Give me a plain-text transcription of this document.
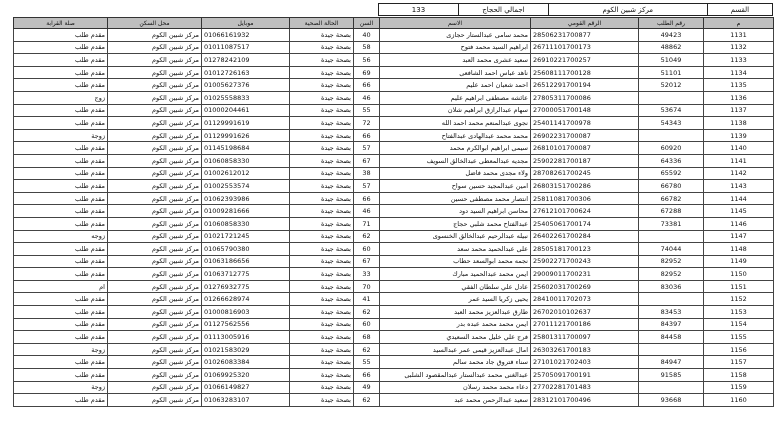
133	اجمالي الحجاج	مركز شبين الكوم	القسم
صلة القرابة	محل السكن	موبايل	الحالة الصحية	السن	الاسم	الرقم القومي	رقم الطلب	م
مقدم طلب	مركز شبين الكوم	01066161932	بصحة جيدة	40	محمد سامى عبدالستار حجازى	28506231700877	49423	1131
مقدم طلب	مركز شبين الكوم	01011087517	بصحة جيدة	58	ابراهيم السيد محمد فتوح	26711101700173	48862	1132
مقدم طلب	مركز شبين الكوم	01278242109	بصحة جيدة	56	سعيد عشرى محمد العبد	26910221700257	51049	1133
مقدم طلب	مركز شبين الكوم	01012726163	بصحة جيدة	69	ناهد عباس احمد الشافعى	25608111700128	51101	1134
مقدم طلب	مركز شبين الكوم	01005627376	بصحة جيدة	66	احمد شعبان احمد عليم	26512291700194	52012	1135
زوج	مركز شبين الكوم	01025558833	بصحة جيدة	46	عائشه مصطفى ابراهيم عليم	27805311700086		1136
مقدم طلب	مركز شبين الكوم	01000204461	بصحة جيدة	55	سهام عبدالرازق ابراهيم شلان	27000051700148	53674	1137
مقدم طلب	مركز شبين الكوم	01129991619	بصحة جيدة	72	نجوى عبدالمنعم محمد احمد الله	25401141700978	54343	1138
زوجة	مركز شبين الكوم	01129991626	بصحة جيدة	66	محمد محمد عبدالهادى عبدالفتاح	26902231700087		1139
مقدم طلب	مركز شبين الكوم	01145198684	بصحة جيدة	57	سيمى ابراهيم ابوالكرم محمد	26810101700087	60920	1140
مقدم طلب	مركز شبين الكوم	01060858330	بصحة جيدة	67	مجديه عبدالمعطى عبدالخالق السويف	25902281700187	64336	1141
مقدم طلب	مركز شبين الكوم	01002612012	بصحة جيدة	38	ولاء مجدى محمد فاضل	28708261700245	65592	1142
مقدم طلب	مركز شبين الكوم	01002553574	بصحة جيدة	57	امين عبدالمجيد حسين سواح	26803151700286	66780	1143
مقدم طلب	مركز شبين الكوم	01062393986	بصحة جيدة	66	انتصار محمد مصطفى حسين	25811081700306	66782	1144
مقدم طلب	مركز شبين الكوم	01009281666	بصحة جيدة	46	محاسن ابراهيم السيد دود	27612101700624	67288	1145
مقدم طلب	مركز شبين الكوم	01060858330	بصحة جيدة	71	عبدالفتاح محمد شلبي حجاج	25405061700174	73381	1146
زوجه	مركز شبين الكوم	01021721245	بصحة جيدة	62	نبيله عبدالرحيم عبدالخالق الخنسوى	26402261700284		1147
مقدم طلب	مركز شبين الكوم	01065790380	بصحة جيدة	60	على عبدالحميد محمد سعد	28505181700123	74044	1148
مقدم طلب	مركز شبين الكوم	01063186656	بصحة جيدة	67	نجمه محمد ابوالسعد حطاب	25902271700243	82952	1149
مقدم طلب	مركز شبين الكوم	01063712775	بصحة جيدة	33	ايمن محمد عبدالحميد مبارك	29009011700231	82952	1150
ام	مركز شبين الكوم	01276932775	بصحة جيدة	70	عادل علي سلطان الفقي	25602031700269	83036	1151
مقدم طلب	مركز شبين الكوم	01266628974	بصحة جيدة	41	يحيى زكريا السيد عمر	28410011702073		1152
مقدم طلب	مركز شبين الكوم	01000816903	بصحة جيدة	62	طارق عبدالعزيز محمد العبد	26702010102637	83453	1153
مقدم طلب	مركز شبين الكوم	01127562556	بصحة جيدة	60	ايمن محمد محمد عبده بدر	27011121700186	84397	1154
مقدم طلب	مركز شبين الكوم	01113005916	بصحة جيدة	68	فرج علي خليل محمد السعيدي	25801311700097	84458	1155
زوجة	مركز شبين الكوم	01021583029	بصحة جيدة	62	امال عبدالعزيز قيمى عمر عبدالسيد	26303261700183		1156
مقدم طلب	مركز شبين الكوم	01026083384	بصحة جيدة	55	سناء فتروق جاد محمد سالم	27101021702403	84947	1157
مقدم طلب	مركز شبين الكوم	01069925320	بصحة جيدة	66	عبدالغنى محمد عبدالستار عبدالمقصود الشلبى	25705091700191	91585	1158
زوجة	مركز شبين الكوم	01066149827	بصحة جيدة	49	دعاء محمد محمد رسلان	27702281701483		1159
مقدم طلب	مركز شبين الكوم	01063283107	بصحة جيدة	62	سعيد عبدالرحمن محمد عبد	28312101700496	93668	1160
